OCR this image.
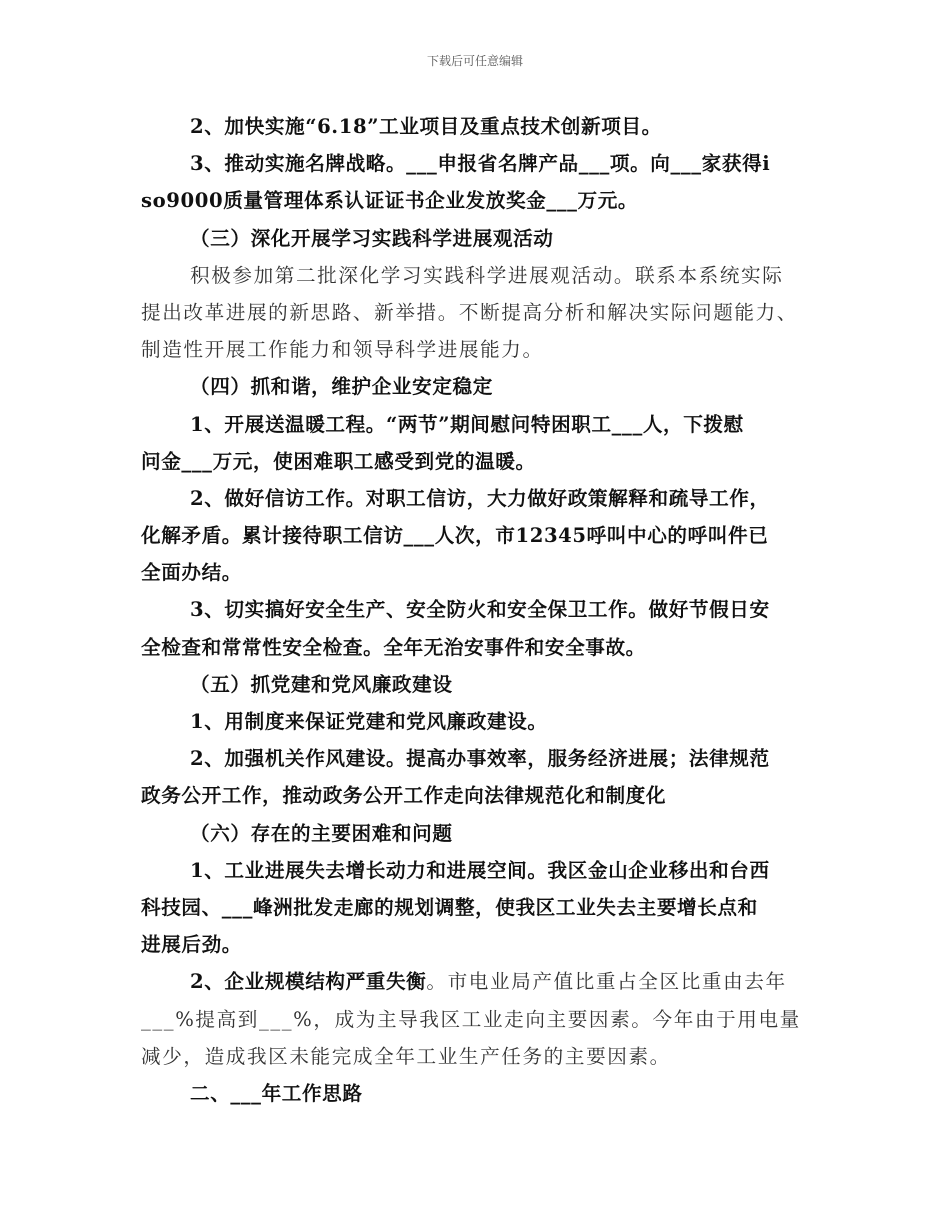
下载后可任意编辑
2、加快实施“6.18”工业项目及重点技术创新项目。
3、推动实施名牌战略。___申报省名牌产品___项。向___家获得i
so9000质量管理体系认证证书企业发放奖金___万元。
（三）深化开展学习实践科学进展观活动
积极参加第二批深化学习实践科学进展观活动。联系本系统实际
提出改革进展的新思路、新举措。不断提高分析和解决实际问题能力、
制造性开展工作能力和领导科学进展能力。
（四）抓和谐，维护企业安定稳定
1、开展送温暖工程。“两节”期间慰问特困职工___人，下拨慰
问金___万元，使困难职工感受到党的温暖。
2、做好信访工作。对职工信访，大力做好政策解释和疏导工作，
化解矛盾。累计接待职工信访___人次，市12345呼叫中心的呼叫件已
全面办结。
3、切实搞好安全生产、安全防火和安全保卫工作。做好节假日安
全检查和常常性安全检查。全年无治安事件和安全事故。
（五）抓党建和党风廉政建设
1、用制度来保证党建和党风廉政建设。
2、加强机关作风建设。提高办事效率，服务经济进展；法律规范
政务公开工作，推动政务公开工作走向法律规范化和制度化
（六）存在的主要困难和问题
1、工业进展失去增长动力和进展空间。我区金山企业移出和台西
科技园、___峰洲批发走廊的规划调整，使我区工业失去主要增长点和
进展后劲。
2、企业规模结构严重失衡。市电业局产值比重占全区比重由去年
___%提高到___%，成为主导我区工业走向主要因素。今年由于用电量
减少，造成我区未能完成全年工业生产任务的主要因素。
二、___年工作思路
